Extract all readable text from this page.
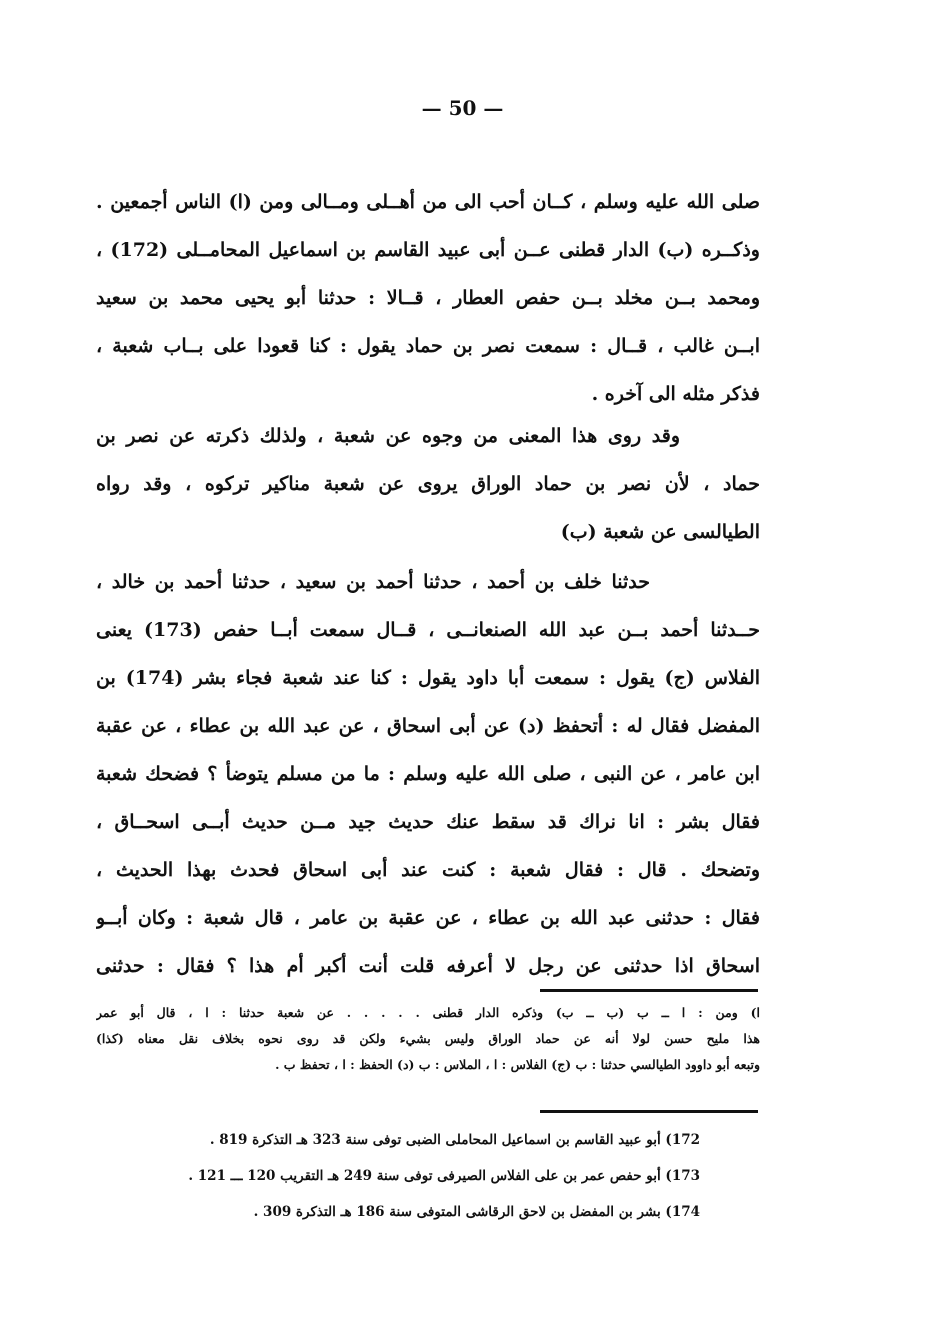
— 50 —
صلى الله عليه وسلم ، كــان أحب الى من أهــلى ومــالى ومن (ا) الناس أجمعين .
وذكــره (ب) الدار قطنى عــن أبى عبيد القاسم بن اسماعيل المحامــلى (172) ،
ومحمد بــن مخلد بــن حفص العطار ، قــالا : حدثنا أبو يحيى محمد بن سعيد
ابــن غالب ، قــال : سمعت نصر بن حماد يقول : كنا قعودا على بــاب شعبة ،
فذكر مثله الى آخره .
وقد روى هذا المعنى من وجوه عن شعبة ، ولذلك ذكرته عن نصر بن
حماد ، لأن نصر بن حماد الوراق يروى عن شعبة مناكير تركوه ، وقد رواه
الطيالسى عن شعبة (ب)
حدثنا خلف بن أحمد ، حدثنا أحمد بن سعيد ، حدثنا أحمد بن خالد ،
حــدثنا أحمد بــن عبد الله الصنعانــى ، قــال سمعت أبــا حفص (173) يعنى
الفلاس (ج) يقول : سمعت أبا داود يقول : كنا عند شعبة فجاء بشر (174) بن
المفضل فقال له : أتحفظ (د) عن أبى اسحاق ، عن عبد الله بن عطاء ، عن عقبة
ابن عامر ، عن النبى ، صلى الله عليه وسلم : ما من مسلم يتوضأ ؟ فضحك شعبة
فقال بشر : انا نراك قد سقط عنك حديث جيد مــن حديث أبــى اسحــاق ،
وتضحك . قال : فقال شعبة : كنت عند أبى اسحاق فحدث بهذا الحديث ،
فقال : حدثنى عبد الله بن عطاء ، عن عقبة بن عامر ، قال شعبة : وكان أبــو
اسحاق اذا حدثنى عن رجل لا أعرفه قلت أنت أكبر أم هذا ؟ فقال : حدثنى
ا) ومن : ا ــ ب (ب ــ ب) وذكره الدار قطنى . . . . . عن شعبة حدثنا : ا ، قال أبو عمر
هذا مليح حسن لولا أنه عن حماد الوراق وليس بشيء ولكن قد روى نحوه بخلاف نقل معناه (كذا)
وتبعه أبو داوود الطيالسي حدثنا : ب (ج) الفلاس : ا ، الملاس : ب (د) الحفظ : ا ، تحفظ ب .
172) أبو عبيد القاسم بن اسماعيل المحاملى الضبى توفى سنة 323 هـ التذكرة 819 .
173) أبو حفص عمر بن على الفلاس الصيرفى توفى سنة 249 هـ التقريب 120 ـــ 121 .
174) بشر بن المفضل بن لاحق الرقاشى المتوفى سنة 186 هـ التذكرة 309 .
